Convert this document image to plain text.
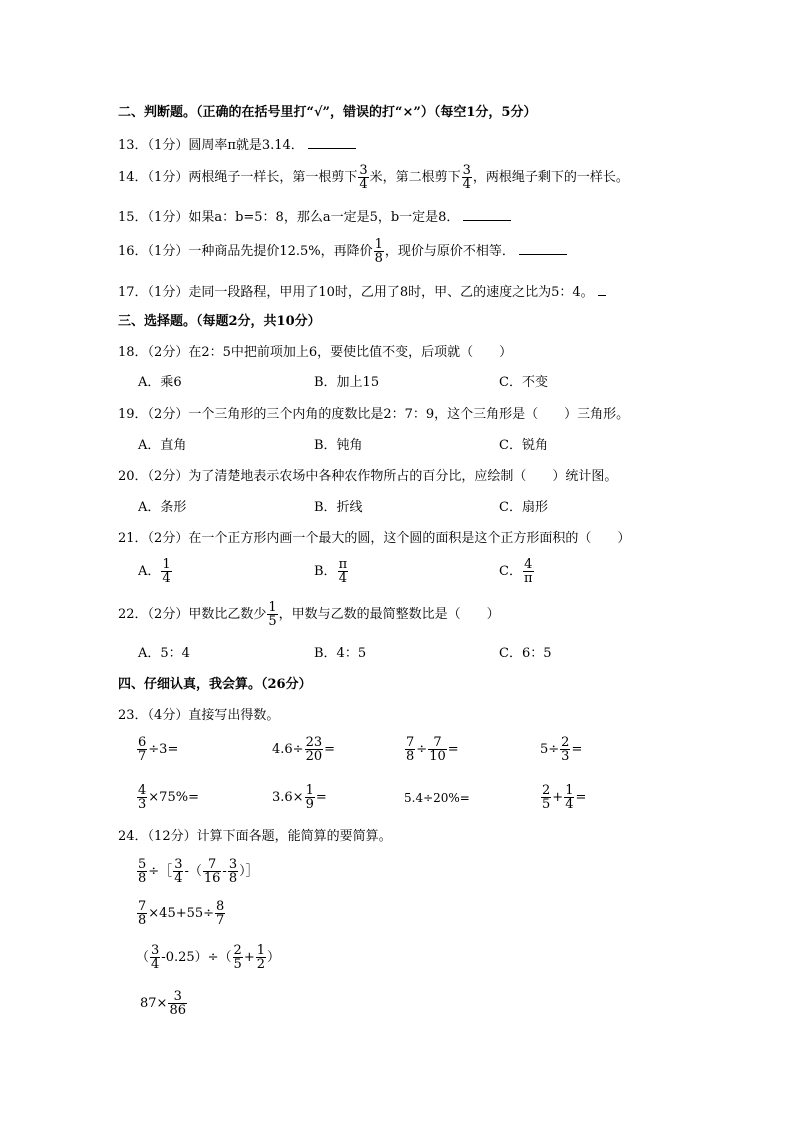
二、判断题。（正确的在括号里打“√”，错误的打“×”）（每空1分，5分）
13．（1分）圆周率π就是3.14．
14．（1分）两根绳子一样长，第一根剪下 $\frac{3}{4}$ 米，第二根剪下 $\frac{3}{4}$ ，两根绳子剩下的一样长。
15．（1分）如果a：b=5：8，那么a一定是5，b一定是8．
16．（1分）一种商品先提价12.5%，再降价 $\frac{1}{8}$ ，现价与原价不相等．
17．（1分）走同一段路程，甲用了10时，乙用了8时，甲、乙的速度之比为5：4。
三、选择题。（每题2分，共10分）
18．（2分）在2：5中把前项加上6，要使比值不变，后项就（　　）
A．乘6	B．加上15	C．不变
19．（2分）一个三角形的三个内角的度数比是2：7：9，这个三角形是（　　）三角形。
A．直角	B．钝角	C．锐角
20．（2分）为了清楚地表示农场中各种农作物所占的百分比，应绘制（　　）统计图。
A．条形	B．折线	C．扇形
21．（2分）在一个正方形内画一个最大的圆，这个圆的面积是这个正方形面积的（　　）
A． $\frac{1}{4}$	B． $\frac{\pi}{4}$	C． $\frac{4}{\pi}$
22．（2分）甲数比乙数少 $\frac{1}{5}$ ，甲数与乙数的最简整数比是（　　）
A．5：4	B．4：5	C．6：5
四、仔细认真，我会算。（26分）
23．（4分）直接写出得数。
$\frac{6}{7} \div 3=$	$4.6\div \frac{23}{20}$ =	$\frac{7}{8} \div \frac{7}{10}$ =	$5\div \frac{2}{3}$ =
$\frac{4}{3} \times 75\%=$	$3.6\times \frac{1}{9}$ =	5.4÷20%=	$\frac{2}{5} + \frac{1}{4}$ =
24．（12分）计算下面各题，能简算的要简算。
$\frac{5}{8}$ ÷［ $\frac{3}{4}$ -（ $\frac{7}{16} - \frac{3}{8}$ ）］
$\frac{7}{8} \times 45+55\div \frac{8}{7}$
（ $\frac{3}{4} -0.25)\div( \frac{2}{5} + \frac{1}{2}$ ）
$87\times \frac{3}{86}$
